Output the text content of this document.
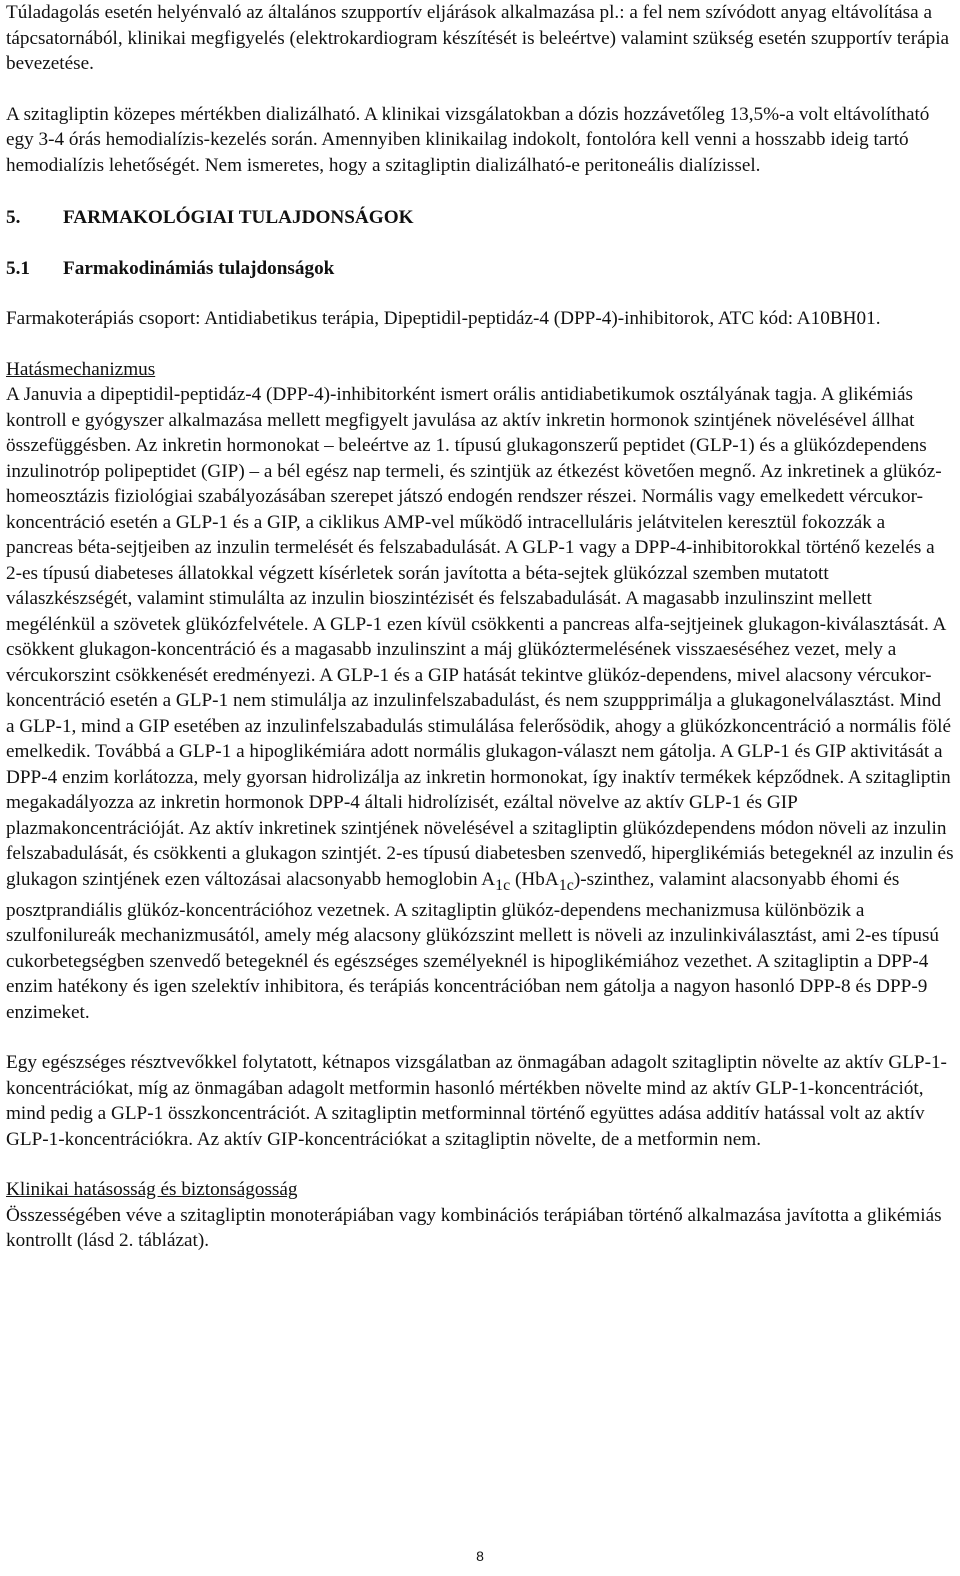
Túladagolás esetén helyénvaló az általános szupportív eljárások alkalmazása pl.: a fel nem szívódott anyag eltávolítása a tápcsatornából, klinikai megfigyelés (elektrokardiogram készítését is beleértve) valamint szükség esetén szupportív terápia bevezetése.

A szitagliptin közepes mértékben dializálható. A klinikai vizsgálatokban a dózis hozzávetőleg 13,5%-a volt eltávolítható egy 3-4 órás hemodialízis-kezelés során. Amennyiben klinikailag indokolt, fontolóra kell venni a hosszabb ideig tartó hemodialízis lehetőségét. Nem ismeretes, hogy a szitagliptin dializálható-e peritoneális dialízissel.

5. FARMAKOLÓGIAI TULAJDONSÁGOK

5.1 Farmakodinámiás tulajdonságok

Farmakoterápiás csoport: Antidiabetikus terápia, Dipeptidil-peptidáz-4 (DPP-4)-inhibitorok, ATC kód: A10BH01.

Hatásmechanizmus

A Januvia a dipeptidil-peptidáz-4 (DPP-4)-inhibitorként ismert orális antidiabetikumok osztályának tagja. A glikémiás kontroll e gyógyszer alkalmazása mellett megfigyelt javulása az aktív inkretin hormonok szintjének növelésével állhat összefüggésben. Az inkretin hormonokat – beleértve az 1. típusú glukagonszerű peptidet (GLP-1) és a glükózdependens inzulinotróp polipeptidet (GIP) – a bél egész nap termeli, és szintjük az étkezést követően megnő. Az inkretinek a glükóz-homeosztázis fiziológiai szabályozásában szerepet játszó endogén rendszer részei. Normális vagy emelkedett vércukor-koncentráció esetén a GLP-1 és a GIP, a ciklikus AMP-vel működő intracelluláris jelátvitelen keresztül fokozzák a pancreas béta-sejtjeiben az inzulin termelését és felszabadulását. A GLP-1 vagy a DPP-4-inhibitorokkal történő kezelés a 2-es típusú diabeteses állatokkal végzett kísérletek során javította a béta-sejtek glükózzal szemben mutatott válaszkészségét, valamint stimulálta az inzulin bioszintézisét és felszabadulását. A magasabb inzulinszint mellett megélénkül a szövetek glükózfelvétele. A GLP-1 ezen kívül csökkenti a pancreas alfa-sejtjeinek glukagon-kiválasztását. A csökkent glukagon-koncentráció és a magasabb inzulinszint a máj glükóztermelésének visszaeséséhez vezet, mely a vércukorszint csökkenését eredményezi. A GLP-1 és a GIP hatását tekintve glükóz-dependens, mivel alacsony vércukor-koncentráció esetén a GLP-1 nem stimulálja az inzulinfelszabadulást, és nem szuppprimálja a glukagonelválasztást. Mind a GLP-1, mind a GIP esetében az inzulinfelszabadulás stimulálása felerősödik, ahogy a glükózkoncentráció a normális fölé emelkedik. Továbbá a GLP-1 a hipoglikémiára adott normális glukagon-választ nem gátolja. A GLP-1 és GIP aktivitását a DPP-4 enzim korlátozza, mely gyorsan hidrolizálja az inkretin hormonokat, így inaktív termékek képződnek. A szitagliptin megakadályozza az inkretin hormonok DPP-4 általi hidrolízisét, ezáltal növelve az aktív GLP-1 és GIP plazmakoncentrációját. Az aktív inkretinek szintjének növelésével a szitagliptin glükózdependens módon növeli az inzulin felszabadulását, és csökkenti a glukagon szintjét. 2-es típusú diabetesben szenvedő, hiperglikémiás betegeknél az inzulin és glukagon szintjének ezen változásai alacsonyabb hemoglobin $A_{1c}$ (HbA$_{1c}$)-szinthez, valamint alacsonyabb éhomi és posztprandiális glükóz-koncentrációhoz vezetnek. A szitagliptin glükóz-dependens mechanizmusa különbözik a szulfonilureák mechanizmusától, amely még alacsony glükózszint mellett is növeli az inzulinkiválasztást, ami 2-es típusú cukorbetegségben szenvedő betegeknél és egészséges személyeknél is hipoglikémiához vezethet. A szitagliptin a DPP-4 enzim hatékony és igen szelektív inhibitora, és terápiás koncentrációban nem gátolja a nagyon hasonló DPP-8 és DPP-9 enzimeket.

Egy egészséges résztvevőkkel folytatott, kétnapos vizsgálatban az önmagában adagolt szitagliptin növelte az aktív GLP-1-koncentrációkat, míg az önmagában adagolt metformin hasonló mértékben növelte mind az aktív GLP-1-koncentrációt, mind pedig a GLP-1 összkoncentrációt. A szitagliptin metforminnal történő együttes adása additív hatással volt az aktív GLP-1-koncentrációkra. Az aktív GIP-koncentrációkat a szitagliptin növelte, de a metformin nem.

Klinikai hatásosság és biztonságosság

Összességében véve a szitagliptin monoterápiában vagy kombinációs terápiában történő alkalmazása javította a glikémiás kontrollt (lásd 2. táblázat).

8
